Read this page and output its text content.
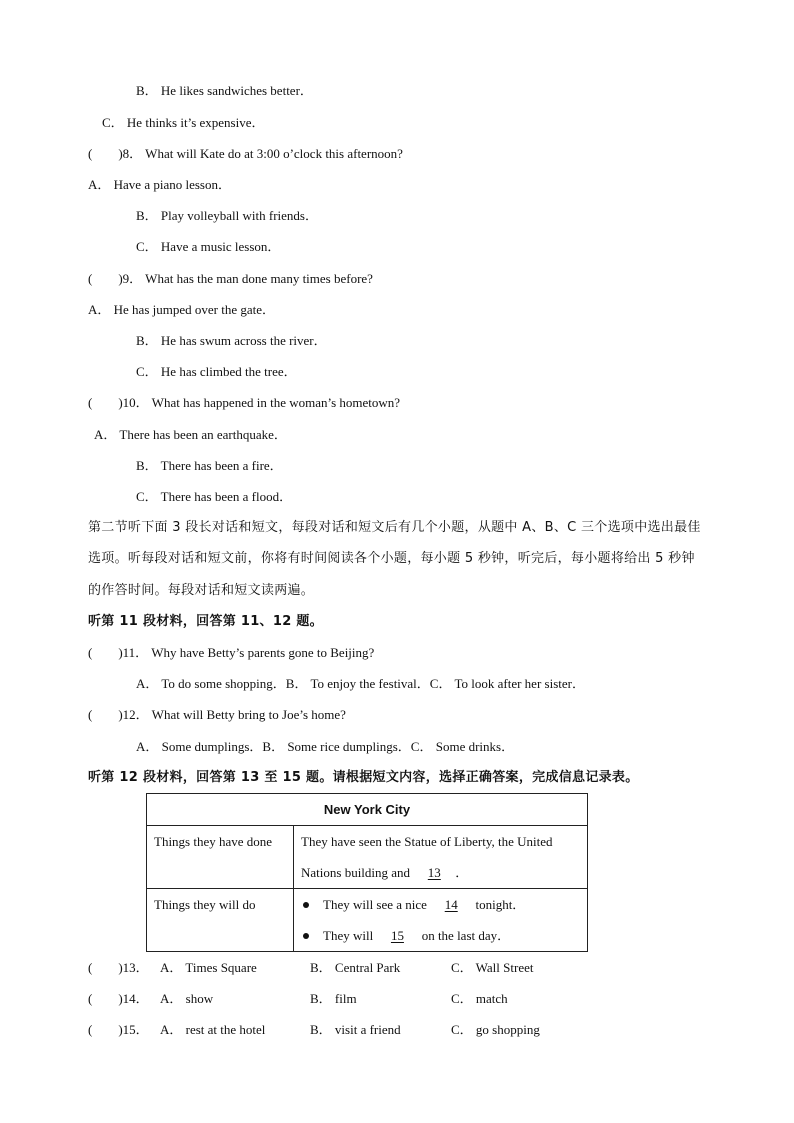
B． He likes sandwiches better．
C． He thinks it’s expensive．
(　　)8． What will Kate do at 3:00 o’clock this afternoon?
A． Have a piano lesson．
B． Play volleyball with friends．
C． Have a music lesson．
(　　)9． What has the man done many times before?
A． He has jumped over the gate．
B． He has swum across the river．
C． He has climbed the tree．
(　　)10． What has happened in the woman’s hometown?
A． There has been an earthquake．
B． There has been a fire．
C． There has been a flood．
第二节听下面 3 段长对话和短文，每段对话和短文后有几个小题，从题中 A、B、C 三个选项中选出最佳
选项。听每段对话和短文前，你将有时间阅读各个小题，每小题 5 秒钟，听完后，每小题将给出 5 秒钟
的作答时间。每段对话和短文读两遍。
听第 11 段材料，回答第 11、12 题。
(　　)11． Why have Betty’s parents gone to Beijing?
A． To do some shopping．B． To enjoy the festival．C． To look after her sister．
(　　)12． What will Betty bring to Joe’s home?
A． Some dumplings．B． Some rice dumplings．C． Some drinks．
听第 12 段材料，回答第 13 至 15 题。请根据短文内容，选择正确答案，完成信息记录表。
New York City	
Things they have done	They have seen the Statue of Liberty, the United
Nations building and 13 ．

Things they will do	They will see a nice 14 tonight．
They will 15 on the last day．
(　　)13． A． Times Square	B． Central Park	C． Wall Street
(　　)14． A． show	B． film	C． match
(　　)15． A． rest at the hotel	B． visit a friend	C． go shopping
